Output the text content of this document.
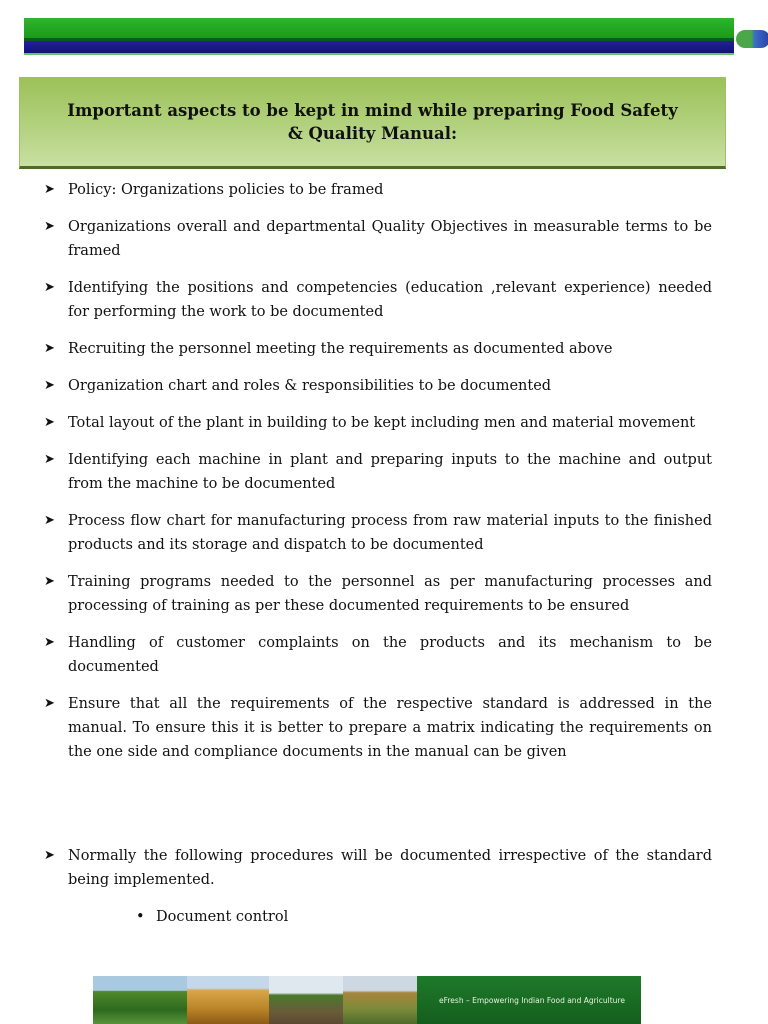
Important aspects to be kept in mind while preparing Food Safety & Quality Manual:
➤ Policy: Organizations policies to be framed
➤ Organizations overall and departmental Quality Objectives in measurable terms to be framed
➤ Identifying the positions and competencies (education ,relevant experience) needed for performing the work to be documented
➤ Recruiting the personnel meeting the requirements as documented above
➤ Organization chart and roles & responsibilities to be documented
➤ Total layout of the plant in building to be kept including men and material movement
➤ Identifying each machine in plant and preparing inputs to the machine and output from the machine to be documented
➤ Process flow chart for manufacturing process from raw material inputs to the finished products and its storage and dispatch to be documented
➤ Training programs needed to the personnel as per manufacturing processes and processing of training as per these documented requirements to be ensured
➤ Handling of customer complaints on the products and its mechanism to be documented
➤ Ensure that all the requirements of the respective standard is addressed in the manual. To ensure this it is better to prepare a matrix indicating the requirements on the one side and compliance documents in the manual can be given
➤ Normally the following procedures will be documented irrespective of the standard being implemented.
• Document control
eFresh – Empowering Indian Food and Agriculture
